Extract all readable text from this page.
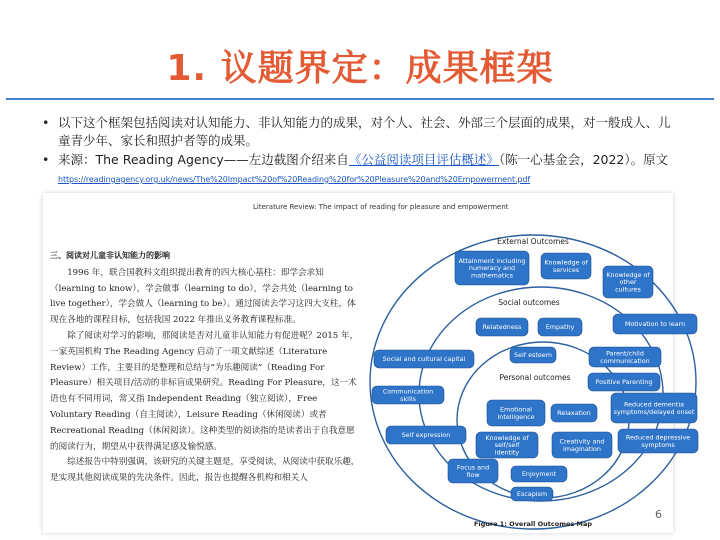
1. 议题界定：成果框架
• 以下这个框架包括阅读对认知能力、非认知能力的成果，对个人、社会、外部三个层面的成果，对一般成人、儿童青少年、家长和照护者等的成果。
• 来源：The Reading Agency——左边截图介绍来自《公益阅读项目评估概述》（陈一心基金会，2022）。原文 https://readingagency.org.uk/news/The%20Impact%20of%20Reading%20for%20Pleasure%20and%20Empowerment.pdf
Literature Review: The impact of reading for pleasure and empowerment
三、阅读对儿童非认知能力的影响

1996 年，联合国教科文组织提出教育的四大核心基柱：即学会求知（learning to know），学会做事（learning to do），学会共处（learning to live together），学会做人（learning to be）。通过阅读去学习这四大支柱，体现在各地的课程目标，包括我国 2022 年推出义务教育课程标准。

除了阅读对学习的影响，那阅读是否对儿童非认知能力有促进呢？2015 年，一家英国机构 The Reading Agency 启动了一项文献综述（Literature Review）工作，主要目的是整理和总结与“为乐趣阅读”（Reading For Pleasure）相关项目/活动的非标盲成果研究。Reading For Pleasure，这一术语也有不同用词，常又指 Independent Reading（独立阅读），Free Voluntary Reading（自主阅读），Leisure Reading（休闲阅读）或者 Recreational Reading（休闲阅读）。这种类型的阅读指的是读者出于自我意愿的阅读行为，期望从中获得满足感及愉悦感。

综述报告中特别强调，该研究的关键主题是，享受阅读，从阅读中获取乐趣，是实现其他阅读成果的先决条件。因此，报告也提醒各机构和相关人

External Outcomes
Social outcomes
Personal outcomes
Attainment including
numeracy and
mathematics
Knowledge of
services
Knowledge of
other
cultures
Relatedness	Empathy	Motivation to learn
Social and cultural capital	Self esteem	Parent/child
communication
Positive Parenting
Communication
skills
Emotional
Intelligence	Relaxation
Reduced dementia
symptoms/delayed onset
Self expression	Knowledge of
self/self
identity
Creativity and
imagination
Reduced depressive
symptoms
Focus and
flow	Enjoyment
Escapism
Figure 1: Overall Outcomes Map
6
